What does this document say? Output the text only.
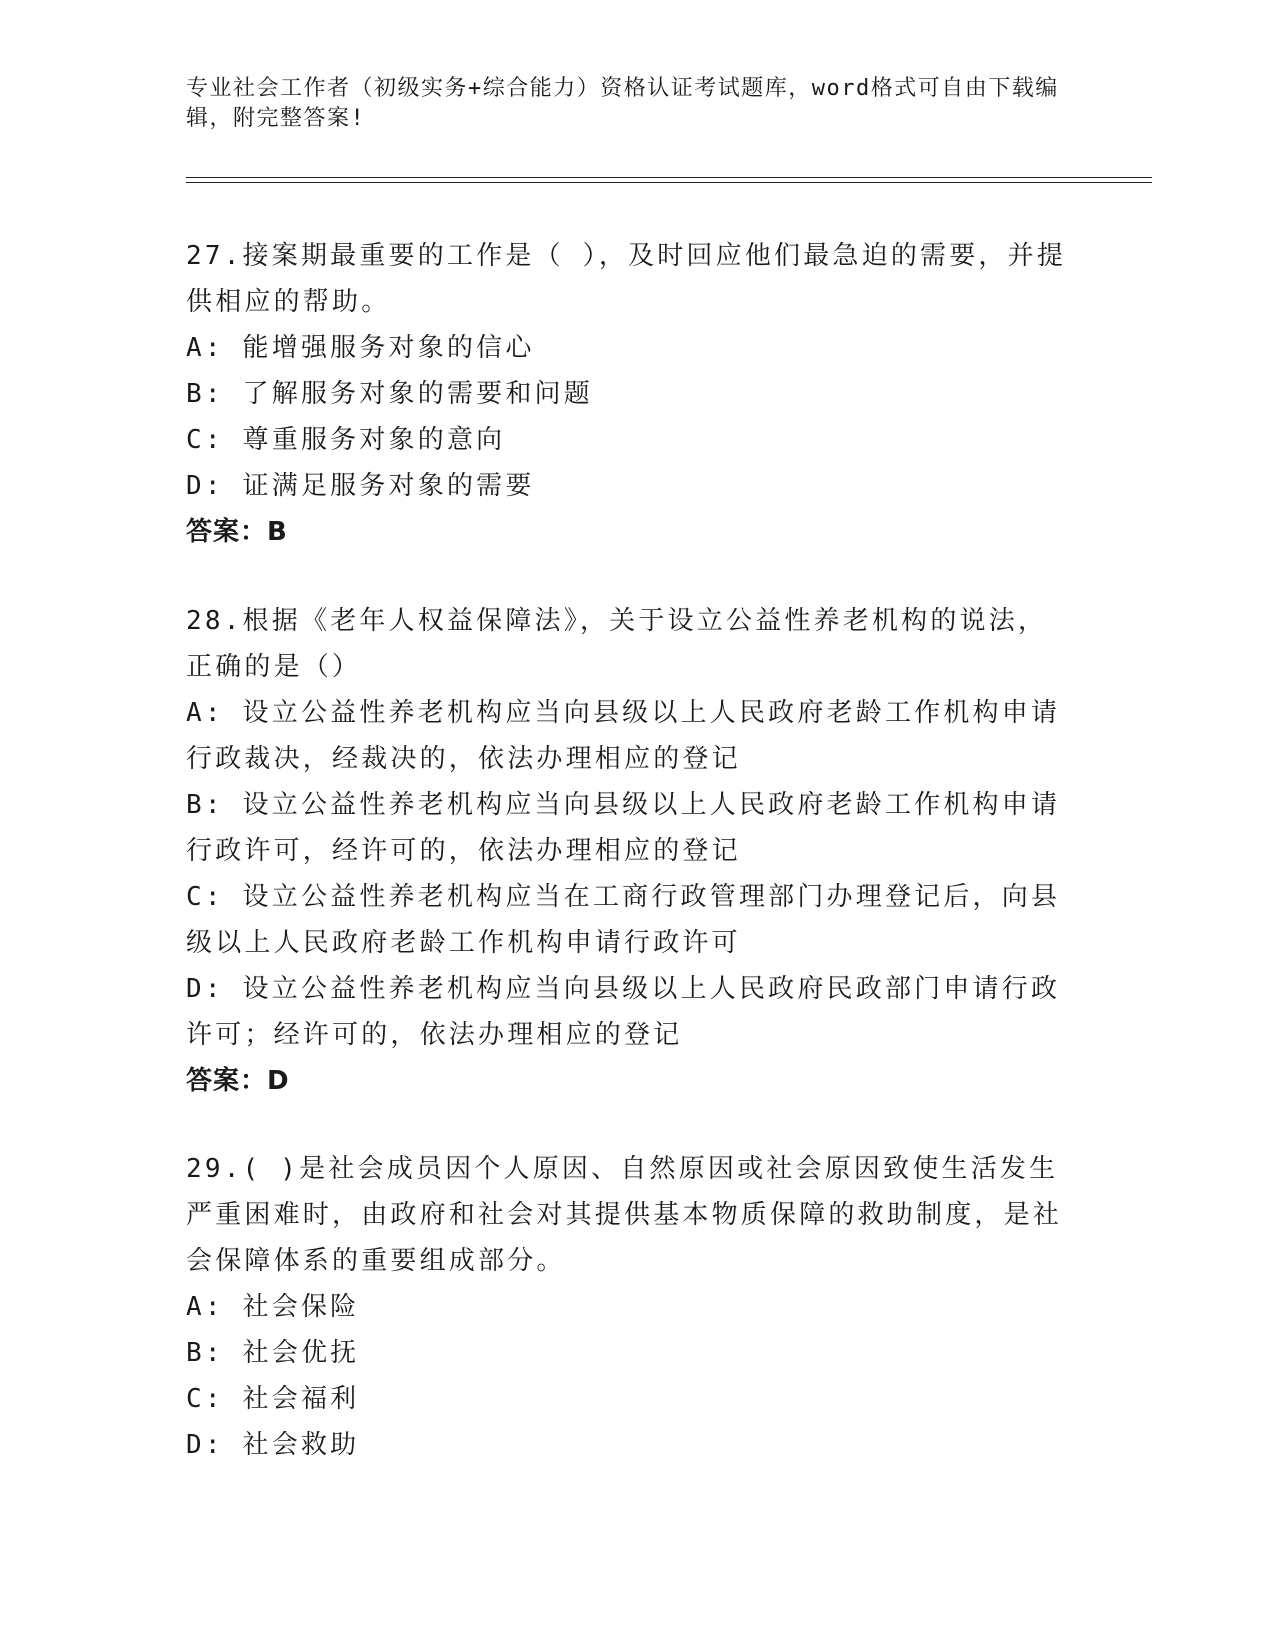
专业社会工作者（初级实务+综合能力）资格认证考试题库，word格式可自由下载编辑，附完整答案!
27.接案期最重要的工作是（ ），及时回应他们最急迫的需要，并提供相应的帮助。
A: 能增强服务对象的信心
B: 了解服务对象的需要和问题
C: 尊重服务对象的意向
D: 证满足服务对象的需要
答案：B
28.根据《老年人权益保障法》，关于设立公益性养老机构的说法，正确的是（）
A: 设立公益性养老机构应当向县级以上人民政府老龄工作机构申请行政裁决，经裁决的，依法办理相应的登记
B: 设立公益性养老机构应当向县级以上人民政府老龄工作机构申请行政许可，经许可的，依法办理相应的登记
C: 设立公益性养老机构应当在工商行政管理部门办理登记后，向县级以上人民政府老龄工作机构申请行政许可
D: 设立公益性养老机构应当向县级以上人民政府民政部门申请行政许可；经许可的，依法办理相应的登记
答案：D
29.( )是社会成员因个人原因、自然原因或社会原因致使生活发生严重困难时，由政府和社会对其提供基本物质保障的救助制度，是社会保障体系的重要组成部分。
A: 社会保险
B: 社会优抚
C: 社会福利
D: 社会救助
